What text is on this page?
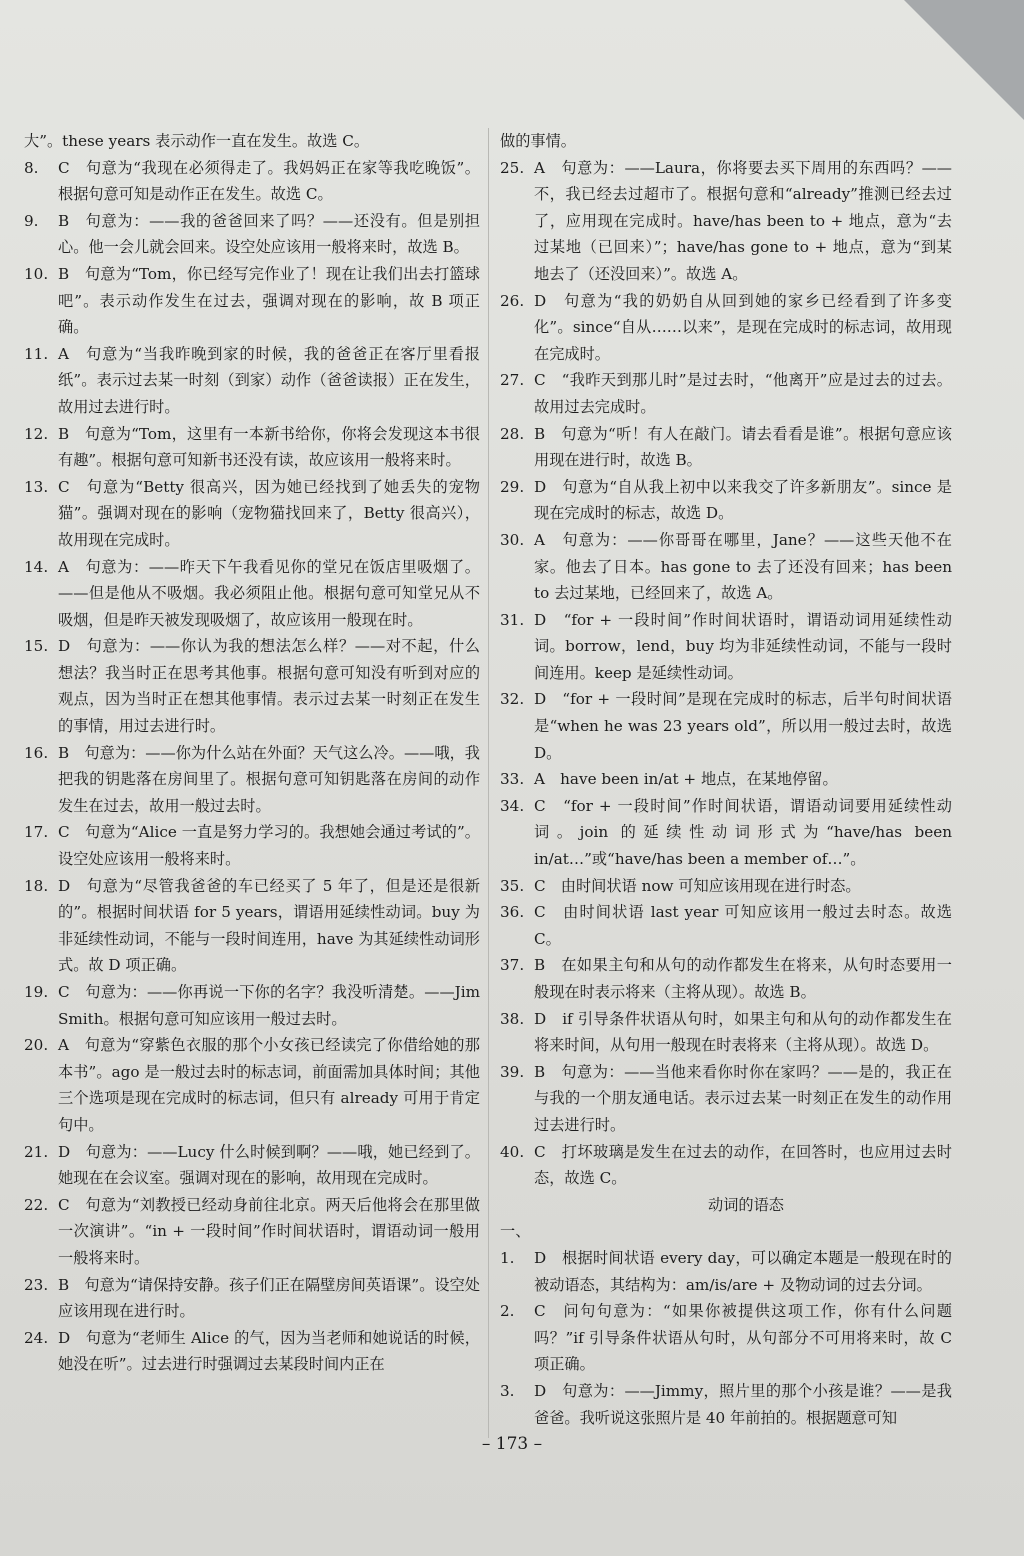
大”。these years 表示动作一直在发生。故选 C。

8. C　句意为“我现在必须得走了。我妈妈正在家等我吃晚饭”。根据句意可知是动作正在发生。故选 C。

9. B　句意为：——我的爸爸回来了吗？——还没有。但是别担心。他一会儿就会回来。设空处应该用一般将来时，故选 B。

10. B　句意为“Tom，你已经写完作业了！现在让我们出去打篮球吧”。表示动作发生在过去，强调对现在的影响，故 B 项正确。

11. A　句意为“当我昨晚到家的时候，我的爸爸正在客厅里看报纸”。表示过去某一时刻（到家）动作（爸爸读报）正在发生，故用过去进行时。

12. B　句意为“Tom，这里有一本新书给你，你将会发现这本书很有趣”。根据句意可知新书还没有读，故应该用一般将来时。

13. C　句意为“Betty 很高兴，因为她已经找到了她丢失的宠物猫”。强调对现在的影响（宠物猫找回来了，Betty 很高兴），故用现在完成时。

14. A　句意为：——昨天下午我看见你的堂兄在饭店里吸烟了。——但是他从不吸烟。我必须阻止他。根据句意可知堂兄从不吸烟，但是昨天被发现吸烟了，故应该用一般现在时。

15. D　句意为：——你认为我的想法怎么样？——对不起，什么想法？我当时正在思考其他事。根据句意可知没有听到对应的观点，因为当时正在想其他事情。表示过去某一时刻正在发生的事情，用过去进行时。

16. B　句意为：——你为什么站在外面？天气这么冷。——哦，我把我的钥匙落在房间里了。根据句意可知钥匙落在房间的动作发生在过去，故用一般过去时。

17. C　句意为“Alice 一直是努力学习的。我想她会通过考试的”。设空处应该用一般将来时。

18. D　句意为“尽管我爸爸的车已经买了 5 年了，但是还是很新的”。根据时间状语 for 5 years，谓语用延续性动词。buy 为非延续性动词，不能与一段时间连用，have 为其延续性动词形式。故 D 项正确。

19. C　句意为：——你再说一下你的名字？我没听清楚。——Jim Smith。根据句意可知应该用一般过去时。

20. A　句意为“穿紫色衣服的那个小女孩已经读完了你借给她的那本书”。ago 是一般过去时的标志词，前面需加具体时间；其他三个选项是现在完成时的标志词，但只有 already 可用于肯定句中。

21. D　句意为：——Lucy 什么时候到啊？——哦，她已经到了。她现在在会议室。强调对现在的影响，故用现在完成时。

22. C　句意为“刘教授已经动身前往北京。两天后他将会在那里做一次演讲”。“in + 一段时间”作时间状语时，谓语动词一般用一般将来时。

23. B　句意为“请保持安静。孩子们正在隔壁房间英语课”。设空处应该用现在进行时。

24. D　句意为“老师生 Alice 的气，因为当老师和她说话的时候，她没在听”。过去进行时强调过去某段时间内正在

做的事情。

25. A　句意为：——Laura，你将要去买下周用的东西吗？——不，我已经去过超市了。根据句意和“already”推测已经去过了，应用现在完成时。have/has been to + 地点，意为“去过某地（已回来）”；have/has gone to + 地点，意为“到某地去了（还没回来）”。故选 A。

26. D　句意为“我的奶奶自从回到她的家乡已经看到了许多变化”。since“自从……以来”，是现在完成时的标志词，故用现在完成时。

27. C　“我昨天到那儿时”是过去时，“他离开”应是过去的过去。故用过去完成时。

28. B　句意为“听！有人在敲门。请去看看是谁”。根据句意应该用现在进行时，故选 B。

29. D　句意为“自从我上初中以来我交了许多新朋友”。since 是现在完成时的标志，故选 D。

30. A　句意为：——你哥哥在哪里，Jane？——这些天他不在家。他去了日本。has gone to 去了还没有回来；has been to 去过某地，已经回来了，故选 A。

31. D　“for + 一段时间”作时间状语时，谓语动词用延续性动词。borrow，lend，buy 均为非延续性动词，不能与一段时间连用。keep 是延续性动词。

32. D　“for + 一段时间”是现在完成时的标志，后半句时间状语是“when he was 23 years old”，所以用一般过去时，故选 D。

33. A　have been in/at + 地点，在某地停留。

34. C　“for + 一段时间”作时间状语，谓语动词要用延续性动词。join 的延续性动词形式为“have/has been in/at…”或“have/has been a member of…”。

35. C　由时间状语 now 可知应该用现在进行时态。

36. C　由时间状语 last year 可知应该用一般过去时态。故选 C。

37. B　在如果主句和从句的动作都发生在将来，从句时态要用一般现在时表示将来（主将从现）。故选 B。

38. D　if 引导条件状语从句时，如果主句和从句的动作都发生在将来时间，从句用一般现在时表将来（主将从现）。故选 D。

39. B　句意为：——当他来看你时你在家吗？——是的，我正在与我的一个朋友通电话。表示过去某一时刻正在发生的动作用过去进行时。

40. C　打坏玻璃是发生在过去的动作，在回答时，也应用过去时态，故选 C。

动词的语态

一、

1. D　根据时间状语 every day，可以确定本题是一般现在时的被动语态，其结构为：am/is/are + 及物动词的过去分词。

2. C　问句句意为：“如果你被提供这项工作，你有什么问题吗？”if 引导条件状语从句时，从句部分不可用将来时，故 C 项正确。

3. D　句意为：——Jimmy，照片里的那个小孩是谁？——是我爸爸。我听说这张照片是 40 年前拍的。根据题意可知

– 173 –
